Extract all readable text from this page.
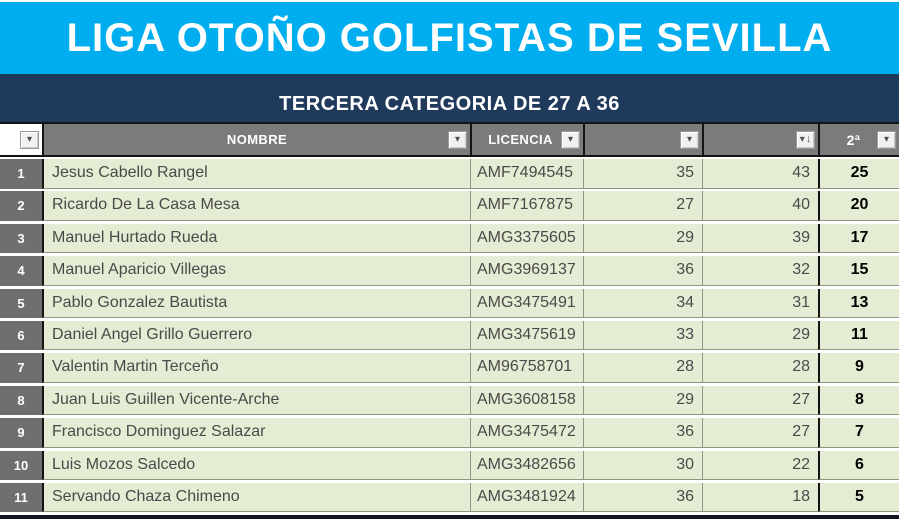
LIGA OTOÑO GOLFISTAS DE SEVILLA
TERCERA CATEGORIA DE 27 A 36
▾	NOMBRE	▾ LICENCIA	▾	▾	▾ ↓	2ª	▾
1	Jesus Cabello Rangel	AMF7494545	35	43	25
2	Ricardo De La Casa Mesa	AMF7167875	27	40	20
3	Manuel Hurtado Rueda	AMG3375605	29	39	17
4	Manuel Aparicio Villegas	AMG3969137	36	32	15
5	Pablo Gonzalez Bautista	AMG3475491	34	31	13
6	Daniel Angel Grillo Guerrero	AMG3475619	33	29	11
7	Valentin Martin Terceño	AM96758701	28	28	9
8	Juan Luis Guillen Vicente-Arche	AMG3608158	29	27	8
9	Francisco Dominguez Salazar	AMG3475472	36	27	7
10	Luis Mozos Salcedo	AMG3482656	30	22	6
11	Servando Chaza Chimeno	AMG3481924	36	18	5
